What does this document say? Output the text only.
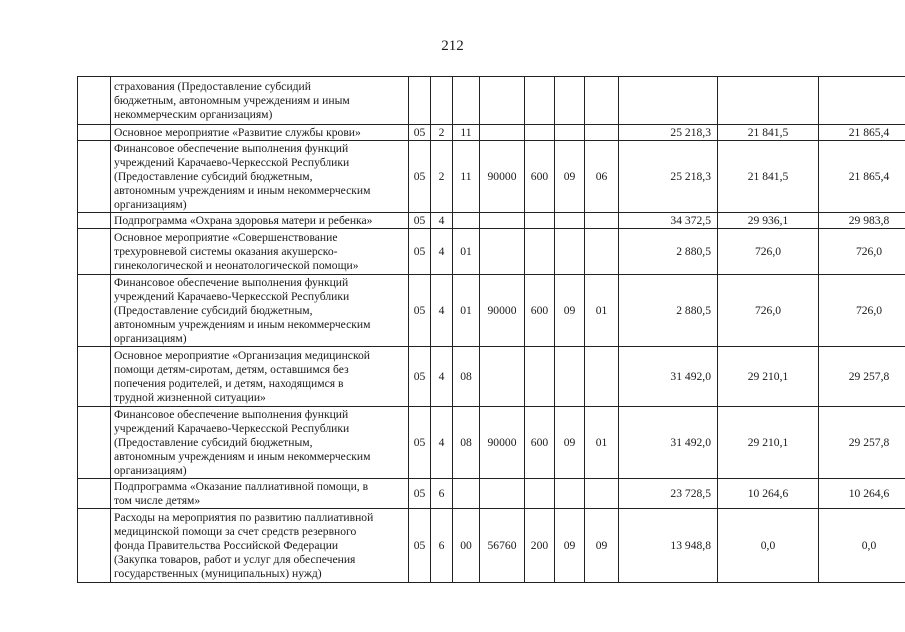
212

	страхования (Предоставление субсидий
бюджетным, автономным учреждениям и иным
некоммерческим организациям)										

	Основное мероприятие «Развитие службы крови»	05	2	11					25 218,3	21 841,5	21 865,4

	Финансовое обеспечение выполнения функций
учреждений Карачаево-Черкесской Республики
(Предоставление субсидий бюджетным,
автономным учреждениям и иным некоммерческим
организациям)	05	2	11	90000	600	09	06	25 218,3	21 841,5	21 865,4

	Подпрограмма «Охрана здоровья матери и ребенка»	05	4						34 372,5	29 936,1	29 983,8

	Основное мероприятие «Совершенствование
трехуровневой системы оказания акушерско-
гинекологической и неонатологической помощи»	05	4	01					2 880,5	726,0	726,0

	Финансовое обеспечение выполнения функций
учреждений Карачаево-Черкесской Республики
(Предоставление субсидий бюджетным,
автономным учреждениям и иным некоммерческим
организациям)	05	4	01	90000	600	09	01	2 880,5	726,0	726,0

	Основное мероприятие «Организация медицинской
помощи детям-сиротам, детям, оставшимся без
попечения родителей, и детям, находящимся в
трудной жизненной ситуации»	05	4	08					31 492,0	29 210,1	29 257,8

	Финансовое обеспечение выполнения функций
учреждений Карачаево-Черкесской Республики
(Предоставление субсидий бюджетным,
автономным учреждениям и иным некоммерческим
организациям)	05	4	08	90000	600	09	01	31 492,0	29 210,1	29 257,8

	Подпрограмма «Оказание паллиативной помощи, в
том числе детям»	05	6						23 728,5	10 264,6	10 264,6

	Расходы на мероприятия по развитию паллиативной
медицинской помощи за счет средств резервного
фонда Правительства Российской Федерации
(Закупка товаров, работ и услуг для обеспечения
государственных (муниципальных) нужд)	05	6	00	56760	200	09	09	13 948,8	0,0	0,0
